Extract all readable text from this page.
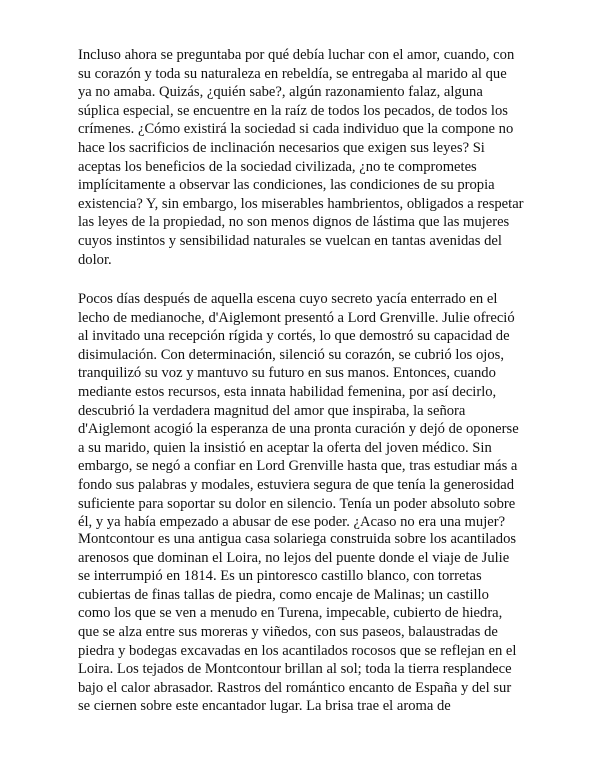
Incluso ahora se preguntaba por qué debía luchar con el amor, cuando, con
su corazón y toda su naturaleza en rebeldía, se entregaba al marido al que
ya no amaba. Quizás, ¿quién sabe?, algún razonamiento falaz, alguna
súplica especial, se encuentre en la raíz de todos los pecados, de todos los
crímenes. ¿Cómo existirá la sociedad si cada individuo que la compone no
hace los sacrificios de inclinación necesarios que exigen sus leyes? Si
aceptas los beneficios de la sociedad civilizada, ¿no te comprometes
implícitamente a observar las condiciones, las condiciones de su propia
existencia? Y, sin embargo, los miserables hambrientos, obligados a respetar
las leyes de la propiedad, no son menos dignos de lástima que las mujeres
cuyos instintos y sensibilidad naturales se vuelcan en tantas avenidas del
dolor.
Pocos días después de aquella escena cuyo secreto yacía enterrado en el
lecho de medianoche, d'Aiglemont presentó a Lord Grenville. Julie ofreció
al invitado una recepción rígida y cortés, lo que demostró su capacidad de
disimulación. Con determinación, silenció su corazón, se cubrió los ojos,
tranquilizó su voz y mantuvo su futuro en sus manos. Entonces, cuando
mediante estos recursos, esta innata habilidad femenina, por así decirlo,
descubrió la verdadera magnitud del amor que inspiraba, la señora
d'Aiglemont acogió la esperanza de una pronta curación y dejó de oponerse
a su marido, quien la insistió en aceptar la oferta del joven médico. Sin
embargo, se negó a confiar en Lord Grenville hasta que, tras estudiar más a
fondo sus palabras y modales, estuviera segura de que tenía la generosidad
suficiente para soportar su dolor en silencio. Tenía un poder absoluto sobre
él, y ya había empezado a abusar de ese poder. ¿Acaso no era una mujer?
Montcontour es una antigua casa solariega construida sobre los acantilados
arenosos que dominan el Loira, no lejos del puente donde el viaje de Julie
se interrumpió en 1814. Es un pintoresco castillo blanco, con torretas
cubiertas de finas tallas de piedra, como encaje de Malinas; un castillo
como los que se ven a menudo en Turena, impecable, cubierto de hiedra,
que se alza entre sus moreras y viñedos, con sus paseos, balaustradas de
piedra y bodegas excavadas en los acantilados rocosos que se reflejan en el
Loira. Los tejados de Montcontour brillan al sol; toda la tierra resplandece
bajo el calor abrasador. Rastros del romántico encanto de España y del sur
se ciernen sobre este encantador lugar. La brisa trae el aroma de
